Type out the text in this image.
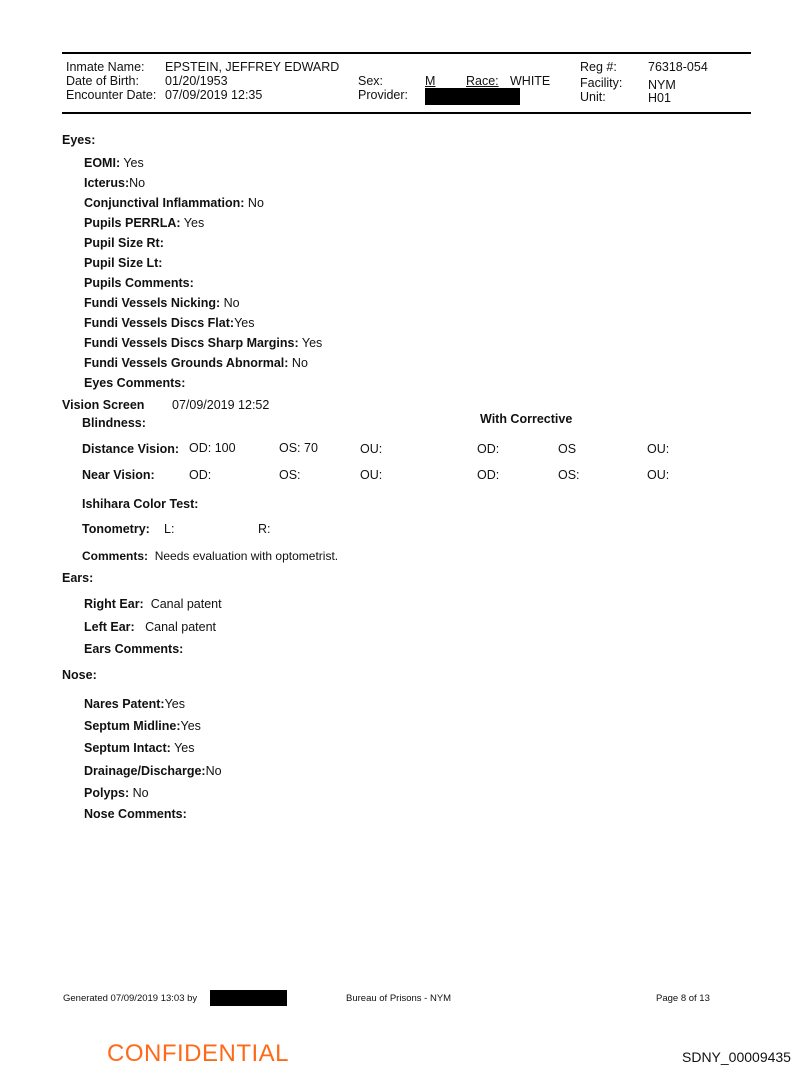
Inmate Name: EPSTEIN, JEFFREY EDWARD
Date of Birth: 01/20/1953
Encounter Date: 07/09/2019 12:35
Sex:	M Race: WHITE
Provider:
Reg #: 76318-054
Facility: NYM
Unit:	H01
Eyes:
EOMI: Yes
Icterus:No
Conjunctival Inflammation: No
Pupils PERRLA: Yes
Pupil Size Rt:
Pupil Size Lt:
Pupils Comments:
Fundi Vessels Nicking: No
Fundi Vessels Discs Flat:Yes
Fundi Vessels Discs Sharp Margins: Yes
Fundi Vessels Grounds Abnormal: No
Eyes Comments:
Vision Screen 07/09/2019 12:52
Blindness:	With Corrective
Distance Vision: OD: 100	OS: 70	OU:	OD:	OS	OU:
Near Vision:	OD:	OS:	OU:	OD:	OS:	OU:
Ishihara Color Test:
Tonometry: L:	R:
Comments: Needs evaluation with optometrist.
Ears:
Right Ear: Canal patent
Left Ear: Canal patent
Ears Comments:
Nose:
Nares Patent:Yes
Septum Midline:Yes
Septum Intact: Yes
Drainage/Discharge:No
Polyps: No
Nose Comments:
Generated 07/09/2019 13:03 by	Bureau of Prisons - NYM	Page 8 of 13
CONFIDENTIAL	SDNY_00009435
